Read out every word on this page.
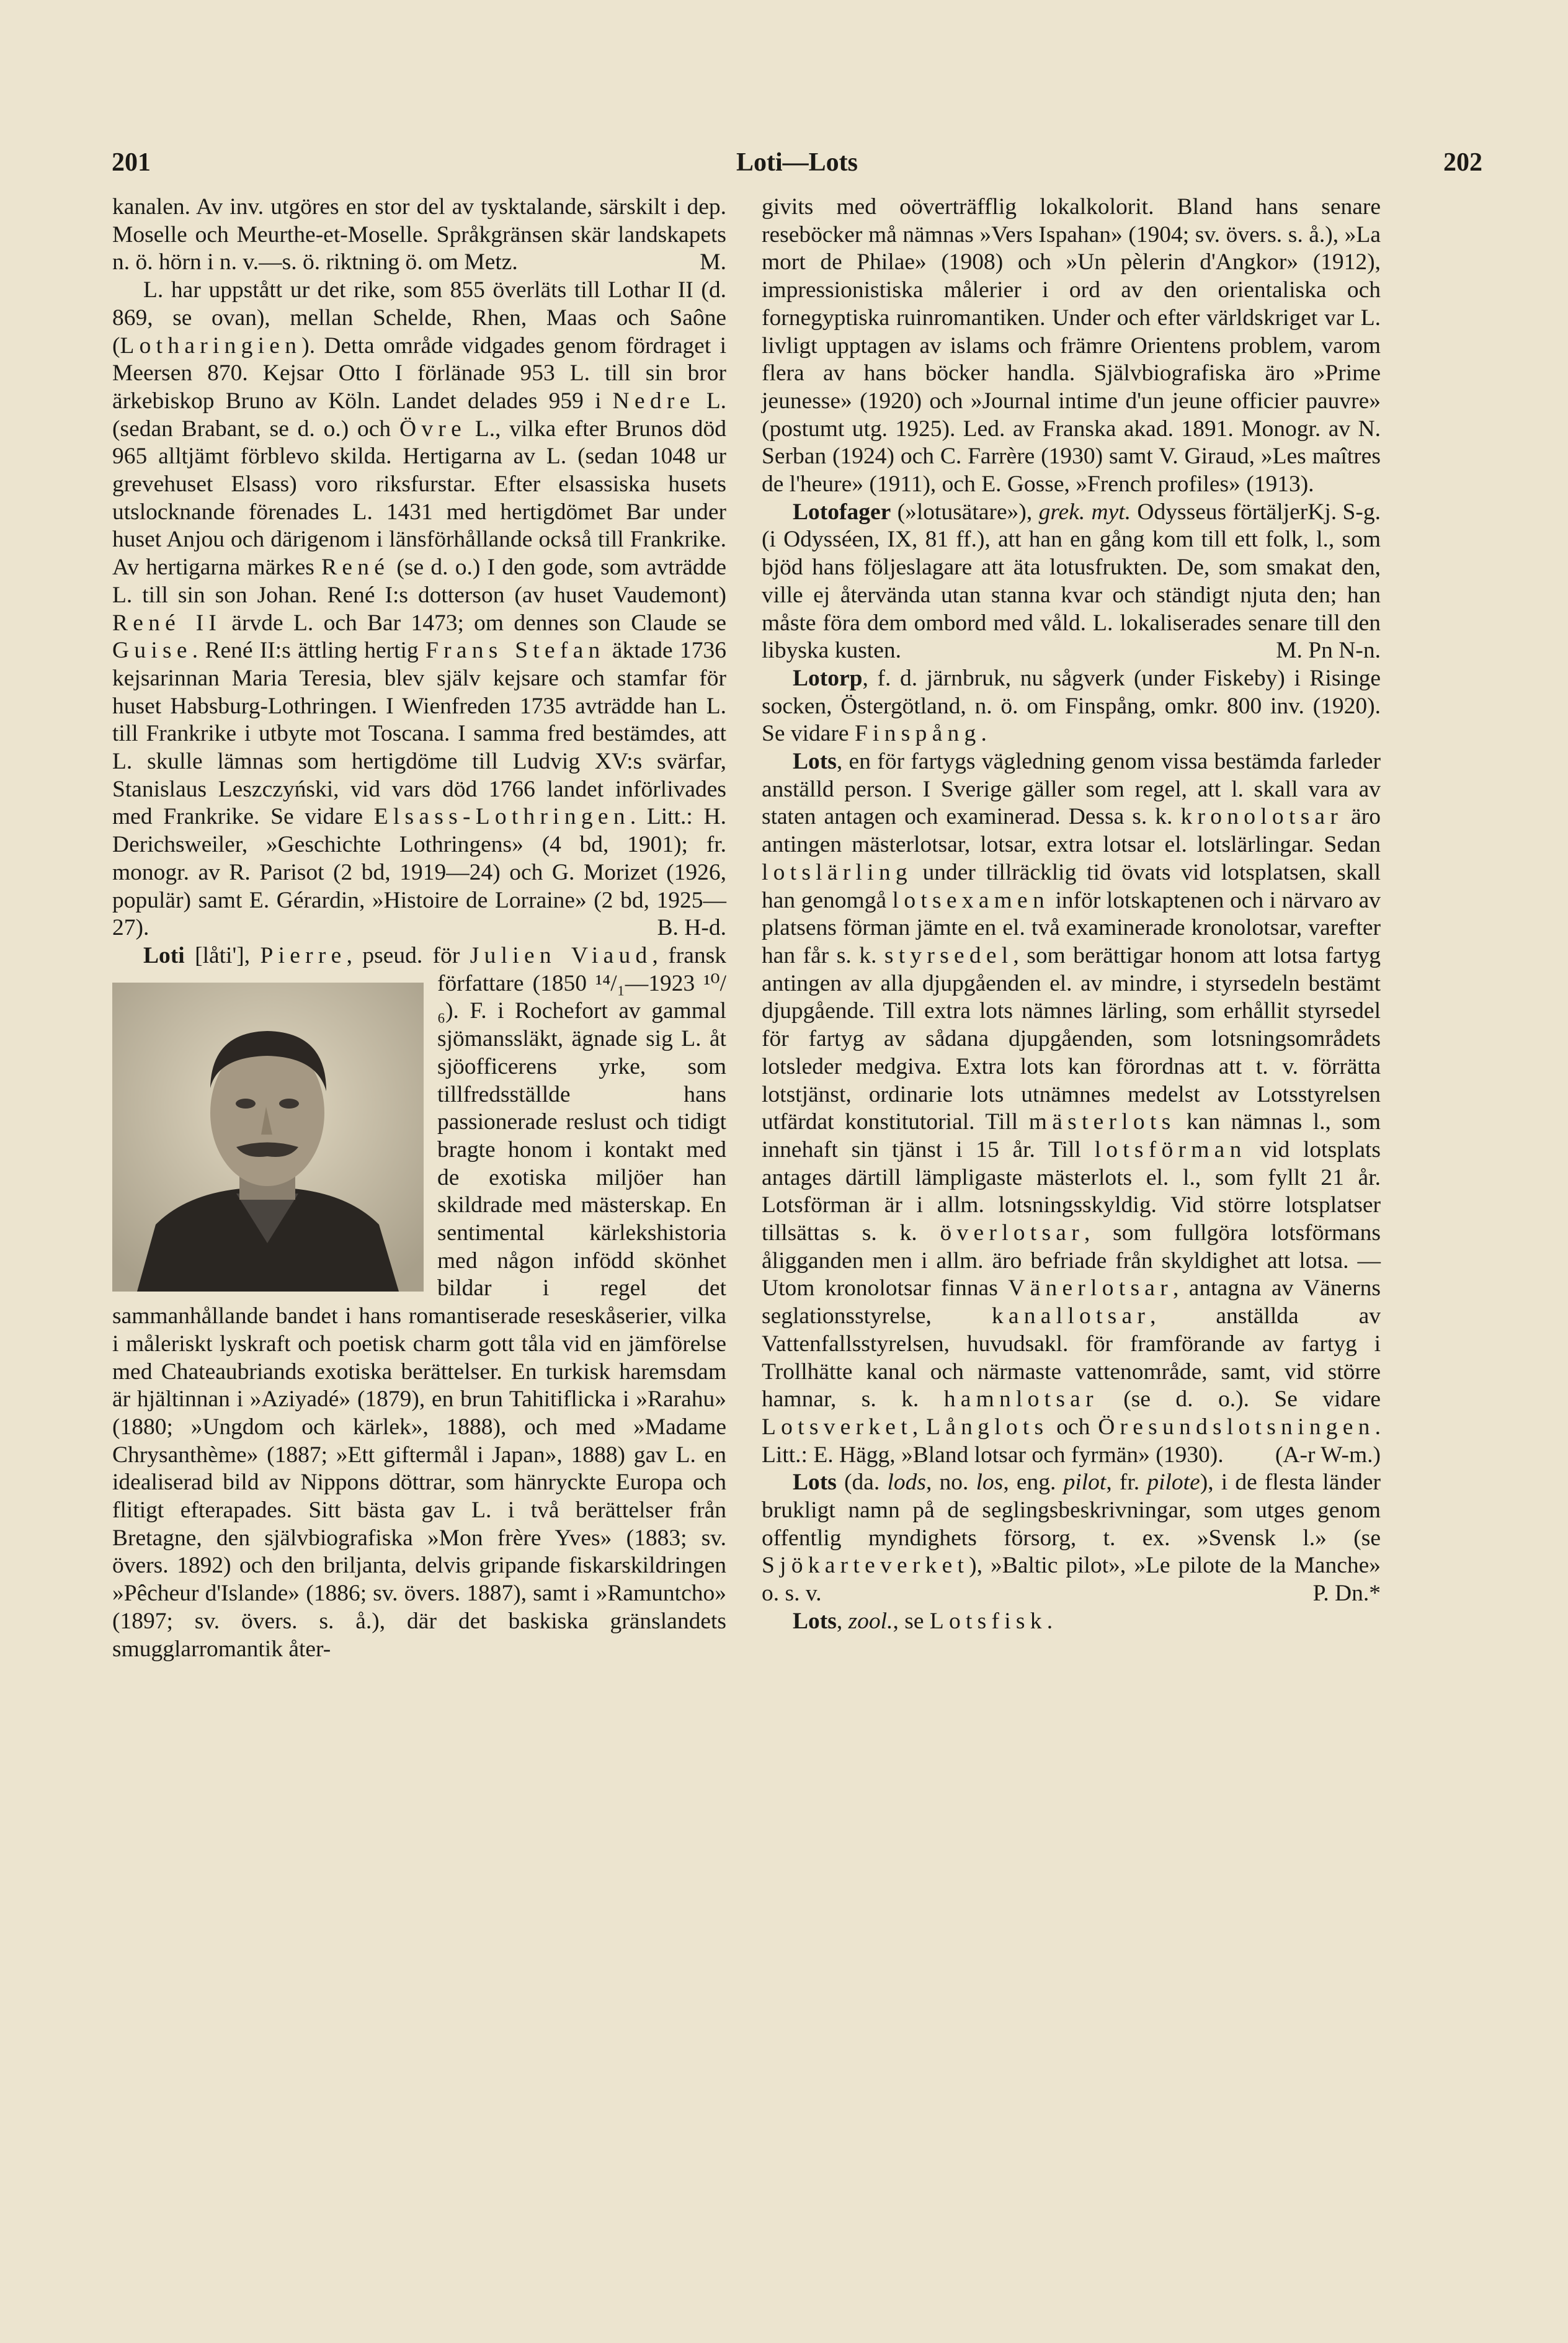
201	Loti—Lots	202

kanalen. Av inv. utgöres en stor del av tysktalande, särskilt i dep. Moselle och Meurthe-et-Moselle. Språkgränsen skär landskapets n. ö. hörn i n. v.—s. ö. riktning ö. om Metz.	M.

L. har uppstått ur det rike, som 855 överläts till Lothar II (d. 869, se ovan), mellan Schelde, Rhen, Maas och Saône (Lotharingien). Detta område vidgades genom fördraget i Meersen 870. Kejsar Otto I förlänade 953 L. till sin bror ärkebiskop Bruno av Köln. Landet delades 959 i Nedre L. (sedan Brabant, se d. o.) och Övre L., vilka efter Brunos död 965 alltjämt förblevo skilda. Hertigarna av L. (sedan 1048 ur grevehuset Elsass) voro riksfurstar. Efter elsassiska husets utslocknande förenades L. 1431 med hertigdömet Bar under huset Anjou och därigenom i länsförhållande också till Frankrike. Av hertigarna märkes René (se d. o.) I den gode, som avträdde L. till sin son Johan. René I:s dotterson (av huset Vaudemont) René II ärvde L. och Bar 1473; om dennes son Claude se Guise. René II:s ättling hertig Frans Stefan äktade 1736 kejsarinnan Maria Teresia, blev själv kejsare och stamfar för huset Habsburg-Lothringen. I Wienfreden 1735 avträdde han L. till Frankrike i utbyte mot Toscana. I samma fred bestämdes, att L. skulle lämnas som hertigdöme till Ludvig XV:s svärfar, Stanislaus Leszczyński, vid vars död 1766 landet införlivades med Frankrike. Se vidare Elsass-Lothringen. Litt.: H. Derichsweiler, »Geschichte Lothringens» (4 bd, 1901); fr. monogr. av R. Parisot (2 bd, 1919—24) och G. Morizet (1926, populär) samt E. Gérardin, »Histoire de Lorraine» (2 bd, 1925—27).	B. H-d.

Loti [låti'], Pierre, pseud. för Julien Viaud
, fransk författare (1850 ¹⁴/₁—1923 ¹⁰/₆). F. i Rochefort av gammal sjömanssläkt, ägnade sig L. åt sjöofficerens yrke, som tillfredsställde hans passionerade reslust och tidigt bragte honom i kontakt med de exotiska miljöer han skildrade med mästerskap. En sentimental kärlekshistoria med någon infödd skönhet bildar i regel det sammanhållande bandet i hans romantiserade reseskåserier, vilka i måleriskt lyskraft och poetisk charm gott tåla vid en jämförelse med Chateaubriands exotiska berättelser. En turkisk haremsdam är hjältinnan i »Aziyadé» (1879), en brun Tahitiflicka i »Rarahu» (1880; »Ungdom och kärlek», 1888), och med »Madame Chrysanthème» (1887; »Ett giftermål i Japan», 1888) gav L. en idealiserad bild av Nippons döttrar, som hänryckte Europa och flitigt efterapades. Sitt bästa gav L. i två berättelser från Bretagne, den självbiografiska »Mon frère Yves» (1883; sv. övers. 1892) och den briljanta, delvis gripande fiskarskildringen »Pêcheur d'Islande» (1886; sv. övers. 1887), samt i »Ramuntcho» (1897; sv. övers. s. å.), där det baskiska gränslandets smugglarromantik åter-

givits med oöverträfflig lokalkolorit. Bland hans senare reseböcker må nämnas »Vers Ispahan» (1904; sv. övers. s. å.), »La mort de Philae» (1908) och »Un pèlerin d'Angkor» (1912), impressionistiska målerier i ord av den orientaliska och fornegyptiska ruinromantiken. Under och efter världskriget var L. livligt upptagen av islams och främre Orientens problem, varom flera av hans böcker handla. Självbiografiska äro »Prime jeunesse» (1920) och »Journal intime d'un jeune officier pauvre» (postumt utg. 1925). Led. av Franska akad. 1891. Monogr. av N. Serban (1924) och C. Farrère (1930) samt V. Giraud, »Les maîtres de l'heure» (1911), och E. Gosse, »French profiles» (1913).
Kj. S-g.

Lotofager (»lotusätare»), grek. myt. Odysseus förtäljer (i Odysséen, IX, 81 ff.), att han en gång kom till ett folk, l., som bjöd hans följeslagare att äta lotusfrukten. De, som smakat den, ville ej återvända utan stanna kvar och ständigt njuta den; han måste föra dem ombord med våld. L. lokaliserades senare till den libyska kusten.	M. Pn N-n.

Lotorp, f. d. järnbruk, nu sågverk (under Fiskeby) i Risinge socken, Östergötland, n. ö. om Finspång, omkr. 800 inv. (1920). Se vidare Finspång.

Lots, en för fartygs vägledning genom vissa bestämda farleder anställd person. I Sverige gäller som regel, att l. skall vara av staten antagen och examinerad. Dessa s. k. kronolotsar äro antingen mästerlotsar, lotsar, extra lotsar el. lotslärlingar. Sedan lotslärling under tillräcklig tid övats vid lotsplatsen, skall han genomgå lotsexamen inför lotskaptenen och i närvaro av platsens förman jämte en el. två examinerade kronolotsar, varefter han får s. k. styrsedel, som berättigar honom att lotsa fartyg antingen av alla djupgåenden el. av mindre, i styrsedeln bestämt djupgående. Till extra lots nämnes lärling, som erhållit styrsedel för fartyg av sådana djupgåenden, som lotsningsområdets lotsleder medgiva. Extra lots kan förordnas att t. v. förrätta lotstjänst, ordinarie lots utnämnes medelst av Lotsstyrelsen utfärdat konstitutorial. Till mästerlots kan nämnas l., som innehaft sin tjänst i 15 år. Till lotsförman vid lotsplats antages därtill lämpligaste mästerlots el. l., som fyllt 21 år. Lotsförman är i allm. lotsningsskyldig. Vid större lotsplatser tillsättas s. k. överlotsar, som fullgöra lotsförmans åligganden men i allm. äro befriade från skyldighet att lotsa. — Utom kronolotsar finnas Vänerlotsar, antagna av Vänerns seglationsstyrelse, kanallotsar, anställda av Vattenfallsstyrelsen, huvudsakl. för framförande av fartyg i Trollhätte kanal och närmaste vattenområde, samt, vid större hamnar, s. k. hamnlotsar (se d. o.). Se vidare Lotsverket, Långlots och Öresundslotsningen. Litt.: E. Hägg, »Bland lotsar och fyrmän» (1930).	(A-r W-m.)

Lots (da. lods, no. los, eng. pilot, fr. pilote), i de flesta länder brukligt namn på de seglingsbeskrivningar, som utges genom offentlig myndighets försorg, t. ex. »Svensk l.» (se Sjökarteverket), »Baltic pilot», »Le pilote de la Manche» o. s. v.	P. Dn.*

Lots, zool., se Lotsfisk.
